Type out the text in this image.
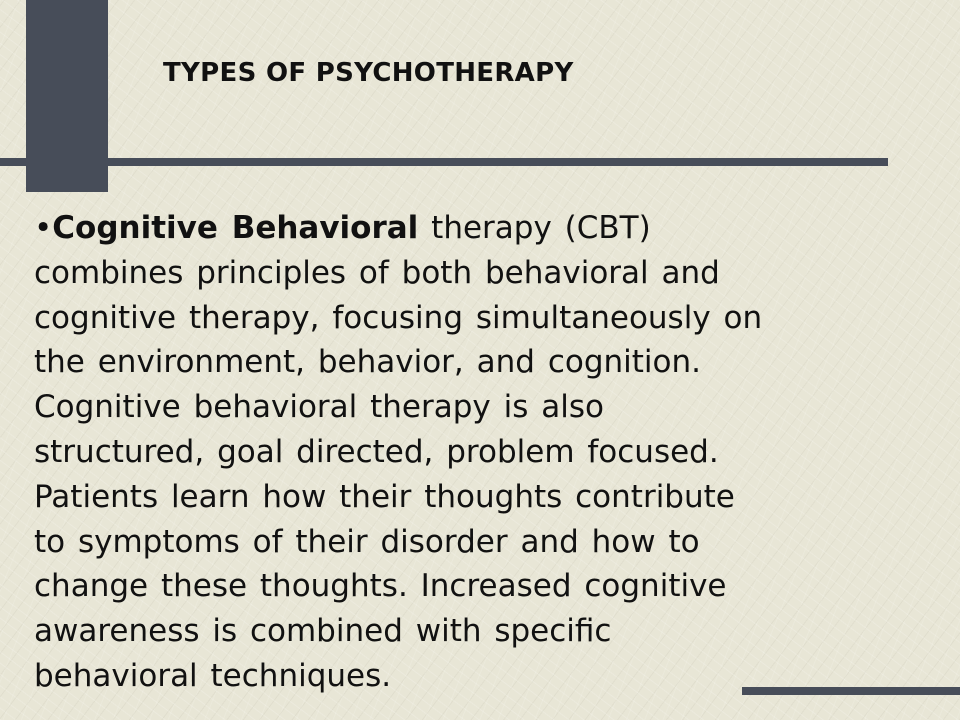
TYPES OF PSYCHOTHERAPY

•Cognitive Behavioral therapy (CBT)
combines principles of both behavioral and
cognitive therapy, focusing simultaneously on
the environment, behavior, and cognition.
Cognitive behavioral therapy is also
structured, goal directed, problem focused.
Patients learn how their thoughts contribute
to symptoms of their disorder and how to
change these thoughts. Increased cognitive
awareness is combined with specific
behavioral techniques.
